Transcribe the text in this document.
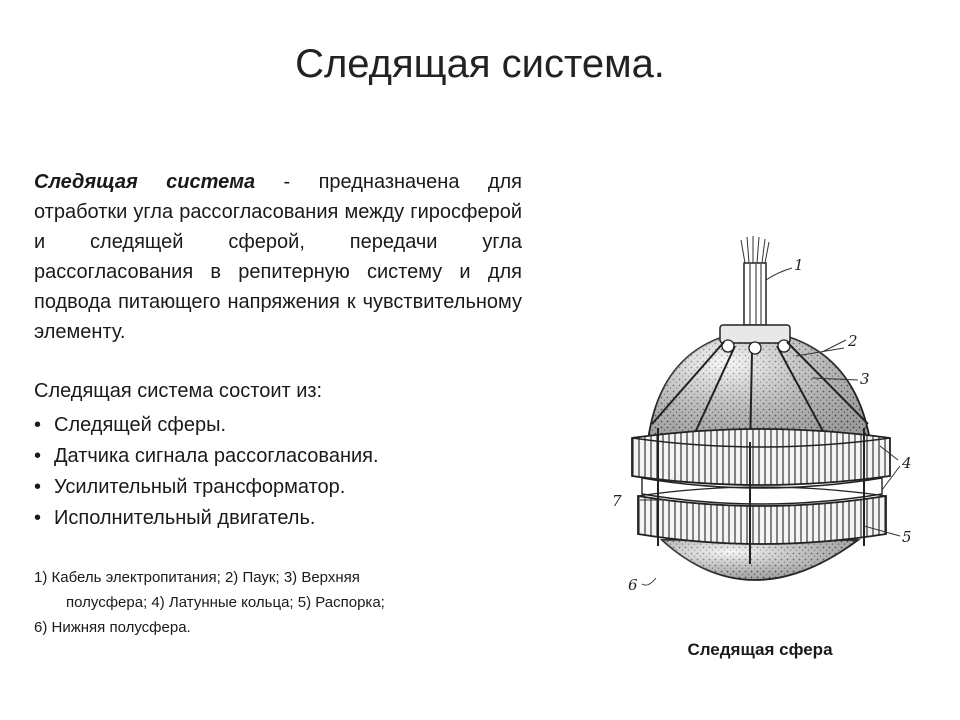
Следящая система.
Следящая система - предназначена для отработки угла рассогласования между гиросферой и следящей сферой, передачи угла рассогласования в репитерную систему и для подвода питающего напряжения к чувствительному элементу.
Следящая система состоит из:
• Следящей сферы.
• Датчика сигнала рассогласования.
• Усилительный трансформатор.
• Исполнительный двигатель.
1) Кабель электропитания; 2) Паук; 3) Верхняя
полусфера; 4) Латунные кольца; 5) Распорка;
6) Нижняя полусфера.
1
2
3
4
5
6
7
Следящая сфера
